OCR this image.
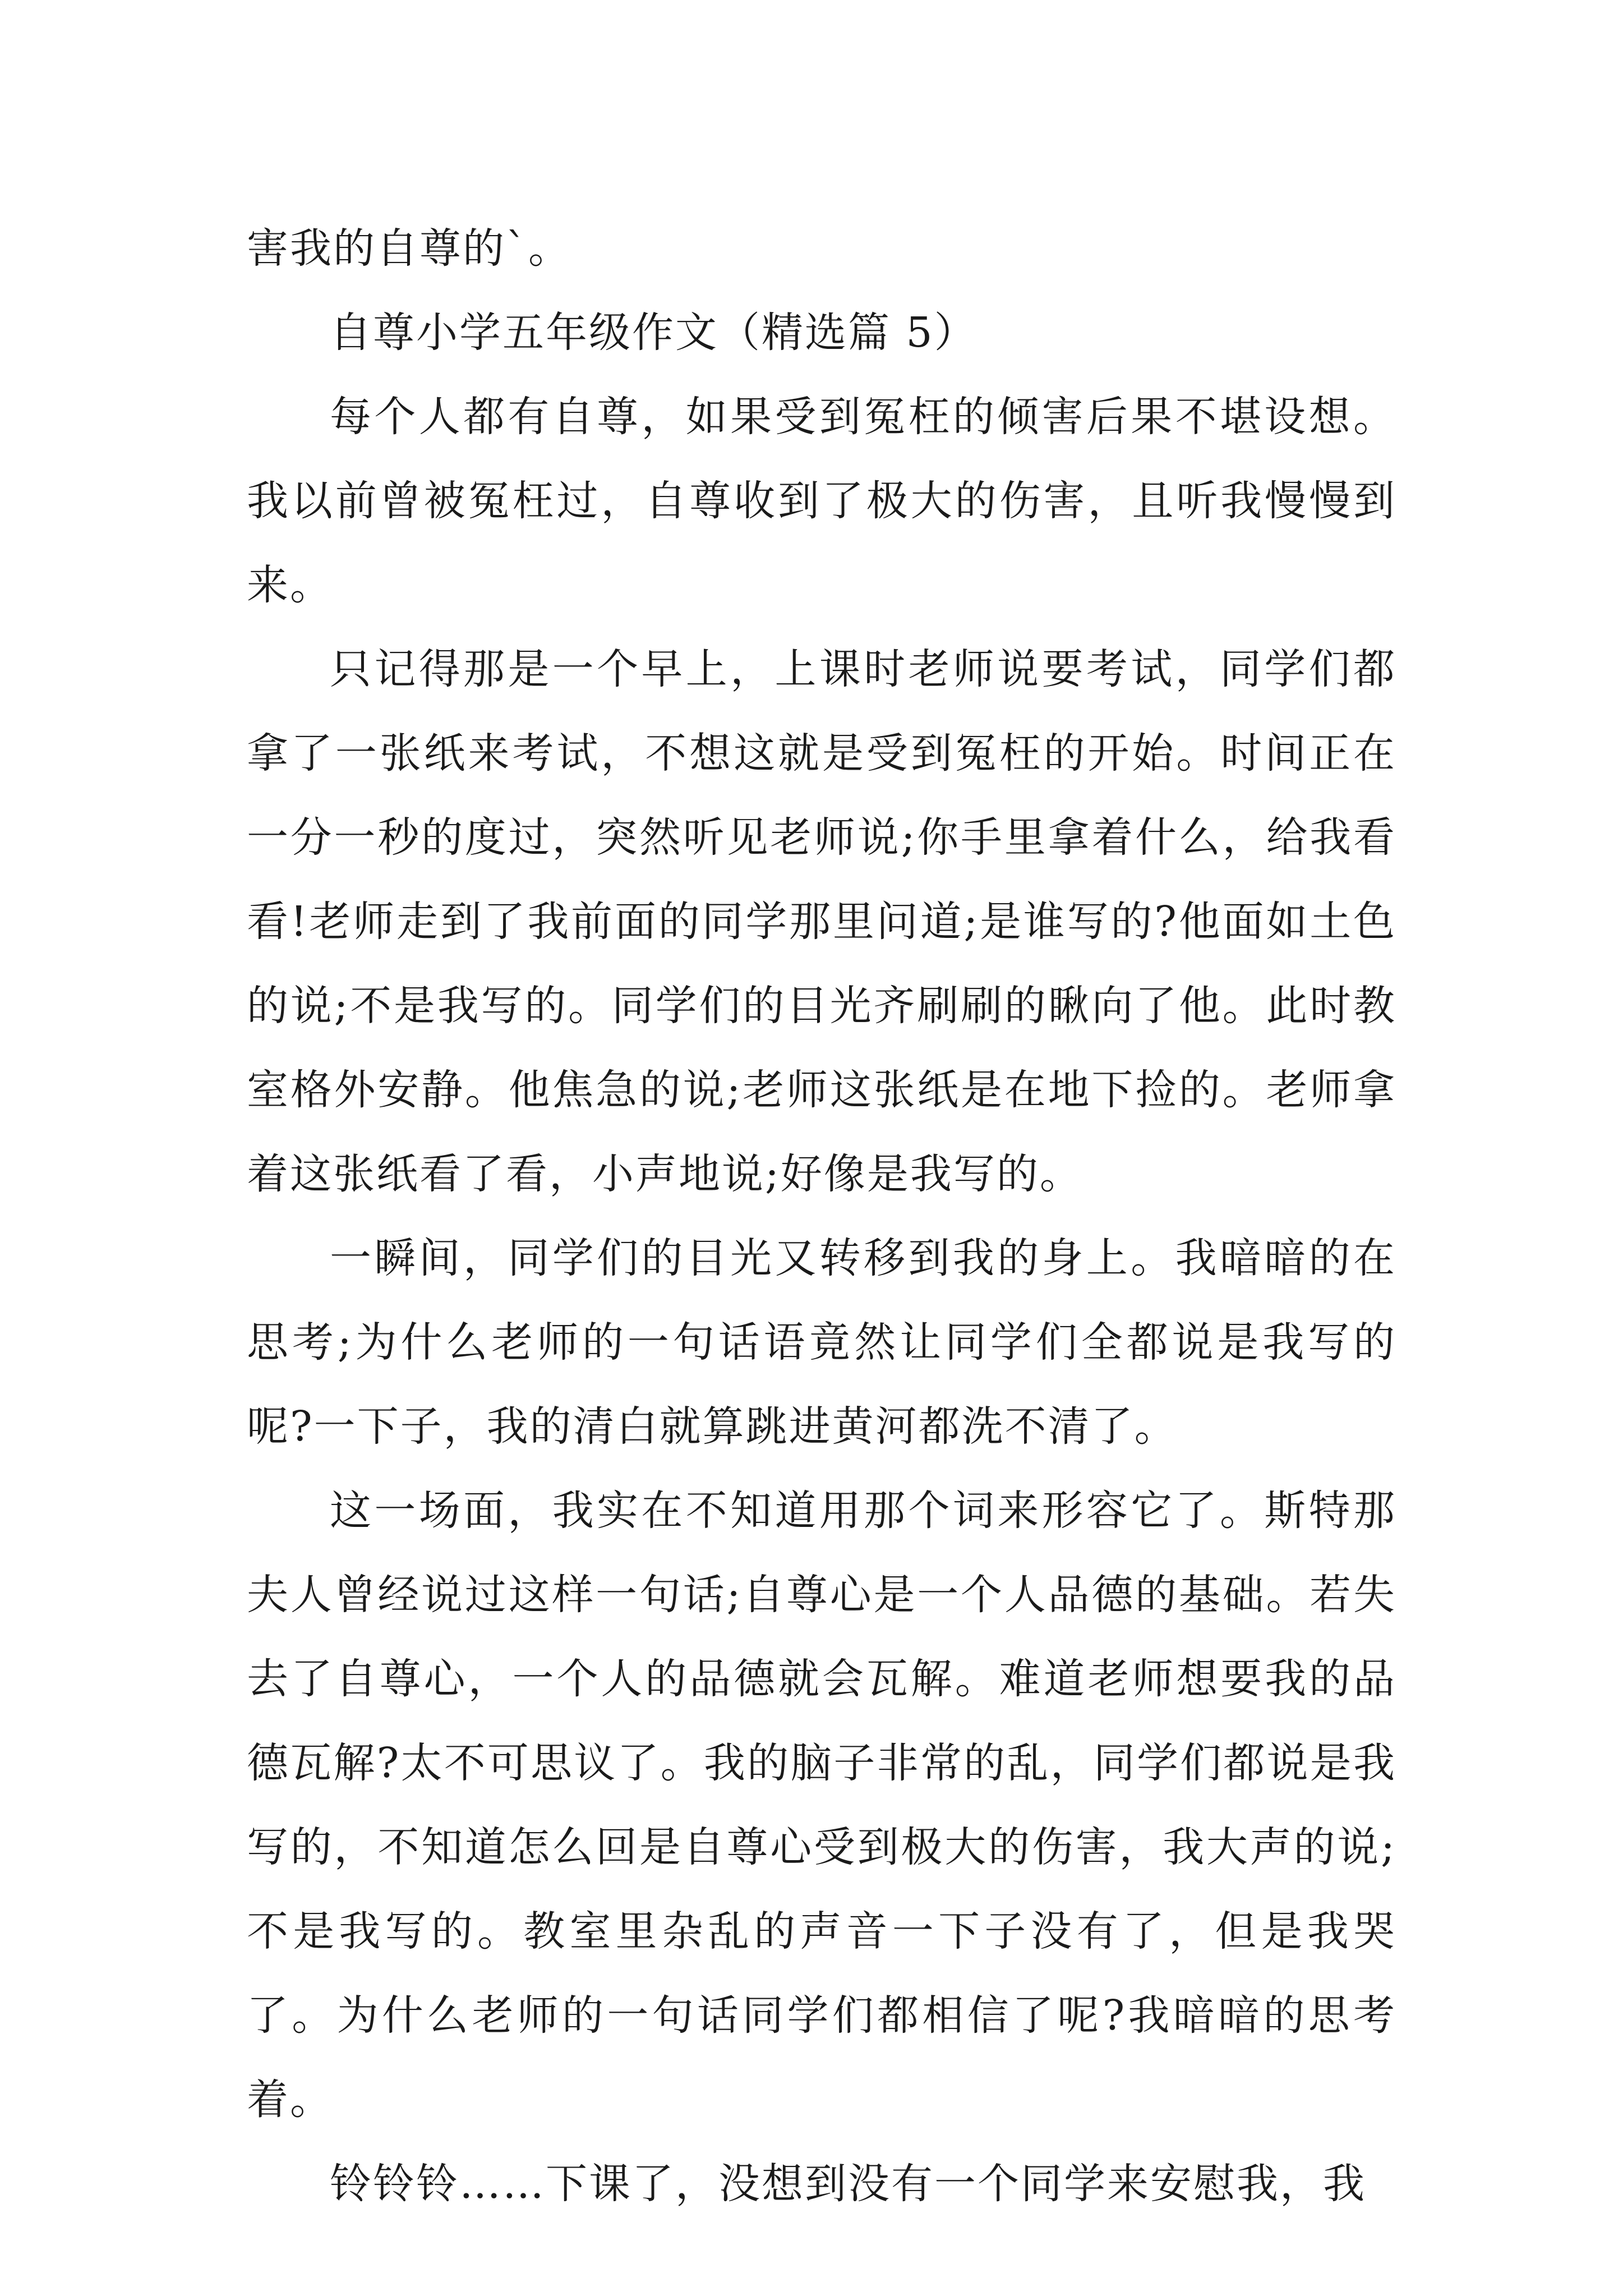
害我的自尊的`。

自尊小学五年级作文（精选篇 5）

每个人都有自尊，如果受到冤枉的倾害后果不堪设想。我以前曾被冤枉过，自尊收到了极大的伤害，且听我慢慢到来。

只记得那是一个早上，上课时老师说要考试，同学们都拿了一张纸来考试，不想这就是受到冤枉的开始。时间正在一分一秒的度过，突然听见老师说;你手里拿着什么，给我看看!老师走到了我前面的同学那里问道;是谁写的?他面如土色的说;不是我写的。同学们的目光齐刷刷的瞅向了他。此时教室格外安静。他焦急的说;老师这张纸是在地下捡的。老师拿着这张纸看了看，小声地说;好像是我写的。

一瞬间，同学们的目光又转移到我的身上。我暗暗的在思考;为什么老师的一句话语竟然让同学们全都说是我写的呢?一下子，我的清白就算跳进黄河都洗不清了。

这一场面，我实在不知道用那个词来形容它了。斯特那夫人曾经说过这样一句话;自尊心是一个人品德的基础。若失去了自尊心，一个人的品德就会瓦解。难道老师想要我的品德瓦解?太不可思议了。我的脑子非常的乱，同学们都说是我写的，不知道怎么回是自尊心受到极大的伤害，我大声的说;不是我写的。教室里杂乱的声音一下子没有了，但是我哭了。为什么老师的一句话同学们都相信了呢?我暗暗的思考着。

铃铃铃……下课了，没想到没有一个同学来安慰我，我
